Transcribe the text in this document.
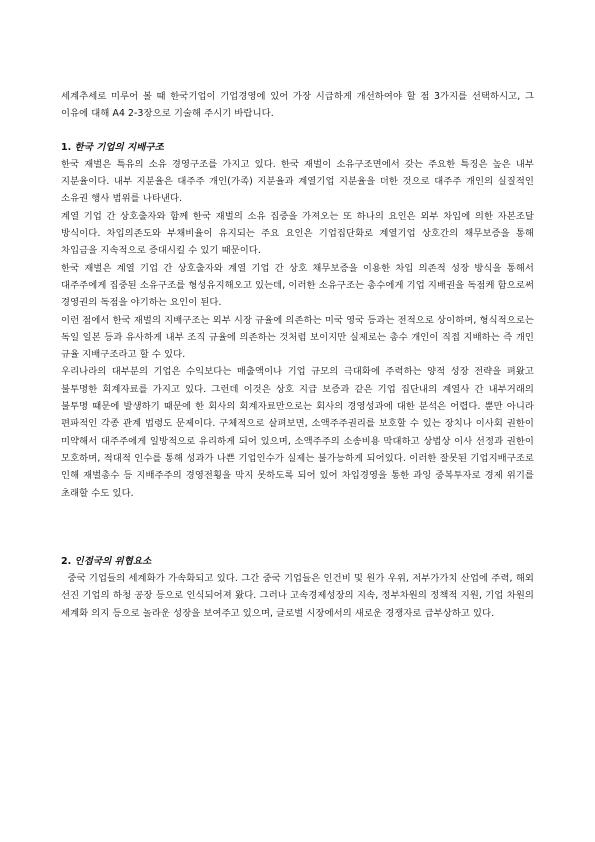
세계추세로 미루어 볼 때 한국기업이 기업경영에 있어 가장 시급하게 개선하여야 할 점 3가지를 선택하시고, 그 이유에 대해 A4 2-3장으로 기술해 주시기 바랍니다.

1. 한국 기업의 지배구조

한국 재벌은 특유의 소유 경영구조를 가지고 있다. 한국 재벌이 소유구조면에서 갖는 주요한 특징은 높은 내부 지분율이다. 내부 지분율은 대주주 개인(가족) 지분율과 계열기업 지분율을 더한 것으로 대주주 개인의 실질적인 소유권 행사 범위를 나타낸다.

계열 기업 간 상호출자와 함께 한국 재벌의 소유 집중을 가져오는 또 하나의 요인은 외부 차입에 의한 자본조달 방식이다. 차입의존도와 부채비율이 유지되는 주요 요인은 기업집단화로 계열기업 상호간의 채무보증을 통해 차입금을 지속적으로 증대시킬 수 있기 때문이다.

한국 재벌은 계열 기업 간 상호출자와 계열 기업 간 상호 채무보증을 이용한 차입 의존적 성장 방식을 통해서 대주주에게 집중된 소유구조를 형성유지해오고 있는데, 이러한 소유구조는 총수에게 기업 지배권을 독점케 함으로써 경영권의 독점을 야기하는 요인이 된다.

이런 점에서 한국 재벌의 지배구조는 외부 시장 규율에 의존하는 미국 영국 등과는 전적으로 상이하며, 형식적으로는 독일 일본 등과 유사하게 내부 조직 규율에 의존하는 것처럼 보이지만 실제로는 총수 개인이 직접 지배하는 즉 개인 규율 지배구조라고 할 수 있다.

우리나라의 대부분의 기업은 수익보다는 매출액이나 기업 규모의 극대화에 주력하는 양적 성장 전략을 펴왔고 불투명한 회계자료를 가지고 있다. 그런데 이것은 상호 지급 보증과 같은 기업 집단내의 계열사 간 내부거래의 불투명 때문에 발생하기 때문에 한 회사의 회계자료만으로는 회사의 경영성과에 대한 분석은 어렵다. 뿐만 아니라 편파적인 각종 관계 법령도 문제이다. 구체적으로 살펴보면, 소액주주권리를 보호할 수 있는 장치나 이사회 권한이 미약해서 대주주에게 일방적으로 유리하게 되어 있으며, 소액주주의 소송비용 막대하고 상법상 이사 선정과 권한이 모호하며, 적대적 인수를 통해 성과가 나쁜 기업인수가 실제는 불가능하게 되어있다. 이러한 잘못된 기업지배구조로 인해 재벌총수 등 지배주주의 경영전횡을 막지 못하도록 되어 있어 차입경영을 통한 과잉 중복투자로 경제 위기를 초래할 수도 있다.

2. 인접국의 위협요소

중국 기업들의 세계화가 가속화되고 있다. 그간 중국 기업들은 인건비 및 원가 우위, 저부가가치 산업에 주력, 해외 선진 기업의 하청 공장 등으로 인식되어져 왔다. 그러나 고속경제성장의 지속, 정부차원의 정책적 지원, 기업 차원의 세계화 의지 등으로 놀라운 성장을 보여주고 있으며, 글로벌 시장에서의 새로운 경쟁자로 급부상하고 있다.
